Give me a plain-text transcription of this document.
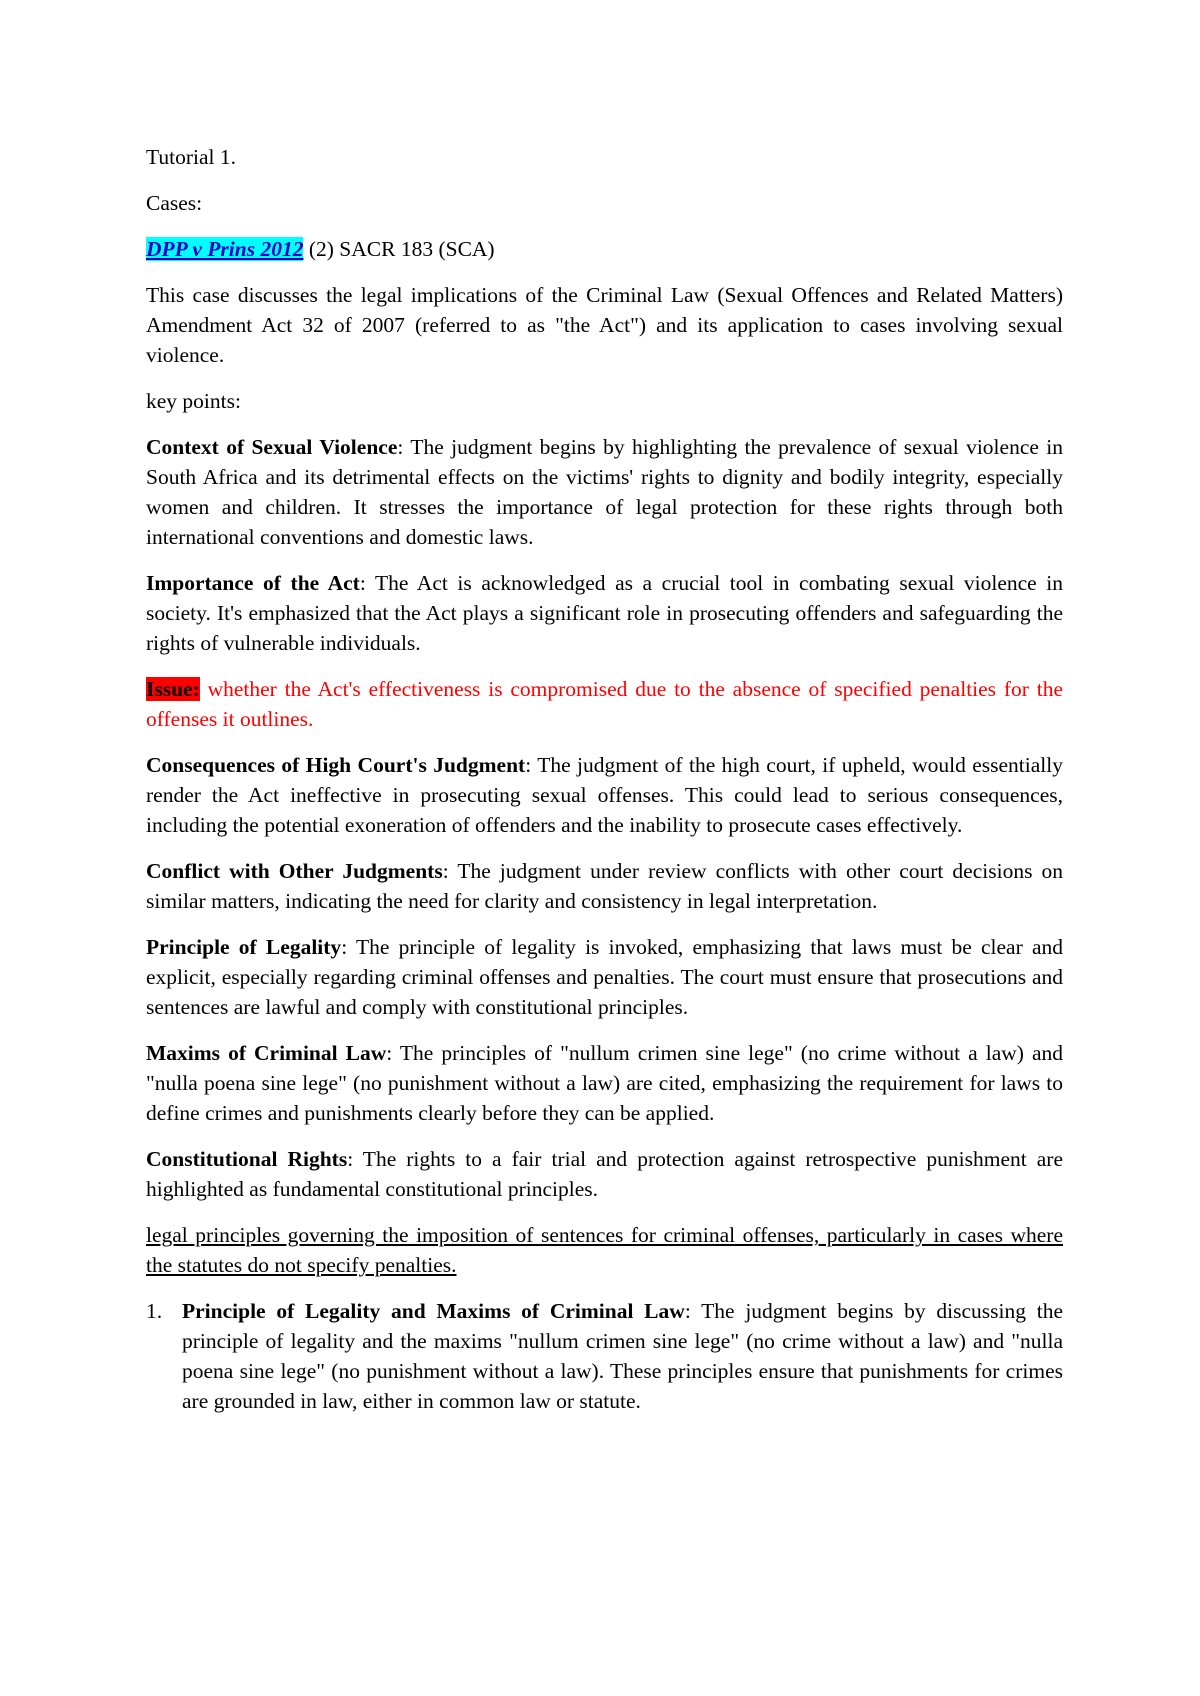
Tutorial 1.

Cases:

DPP v Prins 2012 (2) SACR 183 (SCA)

This case discusses the legal implications of the Criminal Law (Sexual Offences and Related Matters) Amendment Act 32 of 2007 (referred to as "the Act") and its application to cases involving sexual violence.

key points:

Context of Sexual Violence: The judgment begins by highlighting the prevalence of sexual violence in South Africa and its detrimental effects on the victims' rights to dignity and bodily integrity, especially women and children. It stresses the importance of legal protection for these rights through both international conventions and domestic laws.

Importance of the Act: The Act is acknowledged as a crucial tool in combating sexual violence in society. It's emphasized that the Act plays a significant role in prosecuting offenders and safeguarding the rights of vulnerable individuals.

Issue: whether the Act's effectiveness is compromised due to the absence of specified penalties for the offenses it outlines.

Consequences of High Court's Judgment: The judgment of the high court, if upheld, would essentially render the Act ineffective in prosecuting sexual offenses. This could lead to serious consequences, including the potential exoneration of offenders and the inability to prosecute cases effectively.

Conflict with Other Judgments: The judgment under review conflicts with other court decisions on similar matters, indicating the need for clarity and consistency in legal interpretation.

Principle of Legality: The principle of legality is invoked, emphasizing that laws must be clear and explicit, especially regarding criminal offenses and penalties. The court must ensure that prosecutions and sentences are lawful and comply with constitutional principles.

Maxims of Criminal Law: The principles of "nullum crimen sine lege" (no crime without a law) and "nulla poena sine lege" (no punishment without a law) are cited, emphasizing the requirement for laws to define crimes and punishments clearly before they can be applied.

Constitutional Rights: The rights to a fair trial and protection against retrospective punishment are highlighted as fundamental constitutional principles.

legal principles governing the imposition of sentences for criminal offenses, particularly in cases where the statutes do not specify penalties.

1. Principle of Legality and Maxims of Criminal Law: The judgment begins by discussing the principle of legality and the maxims "nullum crimen sine lege" (no crime without a law) and "nulla poena sine lege" (no punishment without a law). These principles ensure that punishments for crimes are grounded in law, either in common law or statute.
